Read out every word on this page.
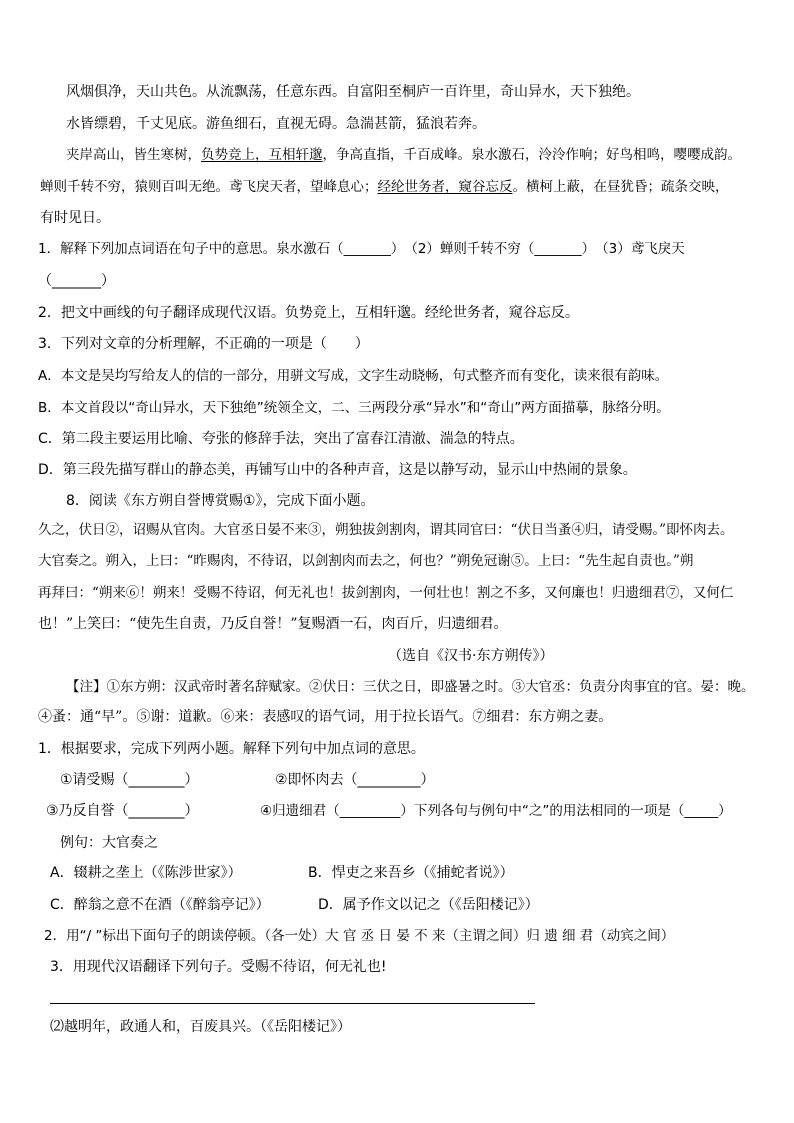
风烟俱净，天山共色。从流飘荡，任意东西。自富阳至桐庐一百许里，奇山异水，天下独绝。
水皆缥碧，千丈见底。游鱼细石，直视无碍。急湍甚箭，猛浪若奔。
夹岸高山，皆生寒树，负势竞上，互相轩邈，争高直指，千百成峰。泉水激石，泠泠作响；好鸟相鸣，嘤嘤成韵。
蝉则千转不穷，猿则百叫无绝。鸢飞戾天者，望峰息心；经纶世务者，窥谷忘反。横柯上蔽，在昼犹昏；疏条交映，
有时见日。
1．解释下列加点词语在句子中的意思。泉水激石（_______）　（2）蝉则千转不穷（_______）　（3）鸢飞戾天
（_______）
2．把文中画线的句子翻译成现代汉语。负势竞上，互相轩邈。经纶世务者，窥谷忘反。
3．下列对文章的分析理解，不正确的一项是（　　）
A．本文是吴均写给友人的信的一部分，用骈文写成，文字生动晓畅，句式整齐而有变化，读来很有韵味。
B．本文首段以“奇山异水，天下独绝”统领全文，二、三两段分承“异水”和“奇山”两方面描摹，脉络分明。
C．第二段主要运用比喻、夸张的修辞手法，突出了富春江清澈、湍急的特点。
D．第三段先描写群山的静态美，再铺写山中的各种声音，这是以静写动，显示山中热闹的景象。
8．阅读《东方朔自誉博赏赐①》，完成下面小题。
久之，伏日②，诏赐从官肉。大官丞日晏不来③，朔独拔剑割肉，谓其同官曰：“伏日当蚤④归，请受赐。”即怀肉去。
大官奏之。朔入，上曰：“昨赐肉，不待诏，以剑割肉而去之，何也？”朔免冠谢⑤。上曰：“先生起自责也。”朔
再拜曰：“朔来⑥！朔来！受赐不待诏，何无礼也！拔剑割肉，一何壮也！割之不多，又何廉也！归遗细君⑦，又何仁
也！”上笑曰：“使先生自责，乃反自誉！”复赐酒一石，肉百斤，归遗细君。
（选自《汉书·东方朔传》）
【注】①东方朔：汉武帝时著名辞赋家。②伏日：三伏之日，即盛暑之时。③大官丞：负责分肉事宜的官。晏：晚。
④蚤：通“早”。⑤谢：道歉。⑥来：表感叹的语气词，用于拉长语气。⑦细君：东方朔之妻。
1．根据要求，完成下列两小题。解释下列句中加点词的意思。
①请受赐（________）	②即怀肉去（_________）
③乃反自誉（________）	④归遗细君（_________）下列各句与例句中“之”的用法相同的一项是（_____）
例句：大官奏之
A．辍耕之垄上（《陈涉世家》）	B．悍吏之来吾乡（《捕蛇者说》）
C．醉翁之意不在酒（《醉翁亭记》）	D．属予作文以记之（《岳阳楼记》）
2．用“/ ”标出下面句子的朗读停顿。（各一处）大 官 丞 日 晏 不 来（主谓之间）归 遗 细 君（动宾之间）
3．用现代汉语翻译下列句子。受赐不待诏，何无礼也!
⑵越明年，政通人和，百废具兴。（《岳阳楼记》）
